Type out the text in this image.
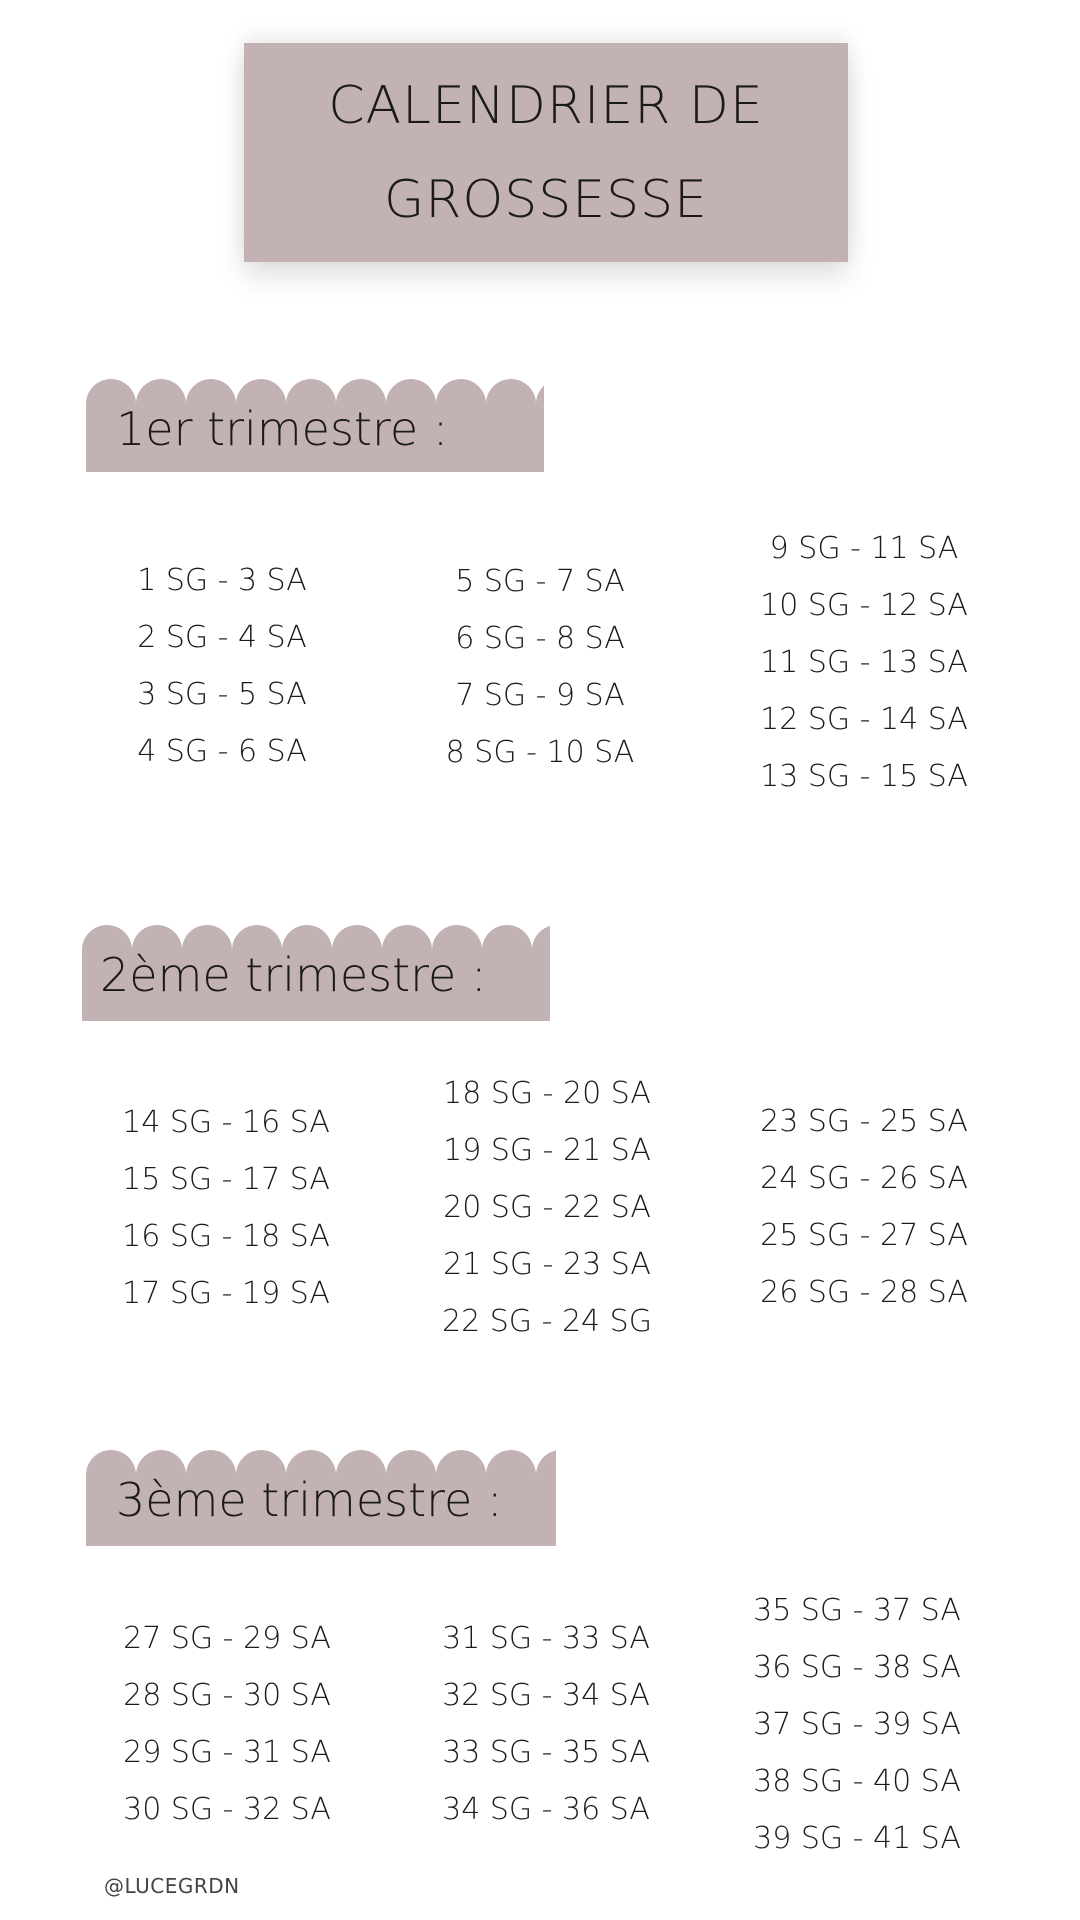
CALENDRIER DE
GROSSESSE
1er trimestre :
1 SG - 3 SA
2 SG - 4 SA
3 SG - 5 SA
4 SG - 6 SA
5 SG - 7 SA
6 SG - 8 SA
7 SG - 9 SA
8 SG - 10 SA
9 SG - 11 SA
10 SG - 12 SA
11 SG - 13 SA
12 SG - 14 SA
13 SG - 15 SA
2ème trimestre :
14 SG - 16 SA
15 SG - 17 SA
16 SG - 18 SA
17 SG - 19 SA
18 SG - 20 SA
19 SG - 21 SA
20 SG - 22 SA
21 SG - 23 SA
22 SG - 24 SG
23 SG - 25 SA
24 SG - 26 SA
25 SG - 27 SA
26 SG - 28 SA
3ème trimestre :
27 SG - 29 SA
28 SG - 30 SA
29 SG - 31 SA
30 SG - 32 SA
31 SG - 33 SA
32 SG - 34 SA
33 SG - 35 SA
34 SG - 36 SA
35 SG - 37 SA
36 SG - 38 SA
37 SG - 39 SA
38 SG - 40 SA
39 SG - 41 SA
@LUCEGRDN
